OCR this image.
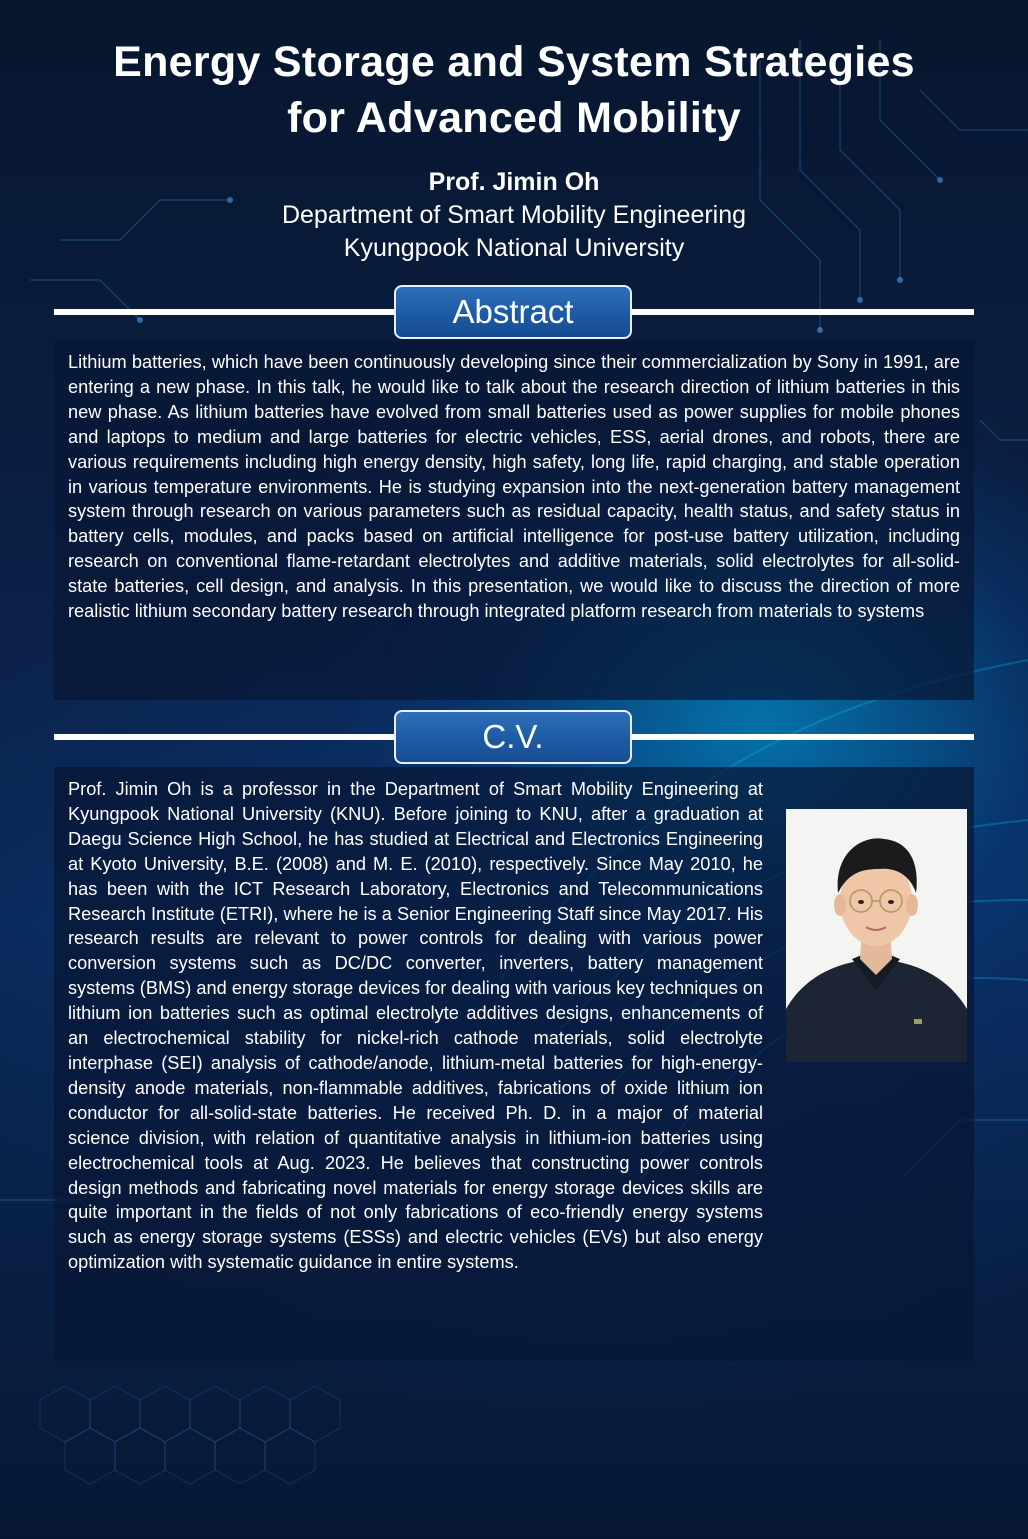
Energy Storage and System Strategies
for Advanced Mobility
Prof. Jimin Oh
Department of Smart Mobility Engineering
Kyungpook National University
Abstract

Lithium batteries, which have been continuously developing since their commercialization by Sony in 1991, are entering a new phase. In this talk, he would like to talk about the research direction of lithium batteries in this new phase. As lithium batteries have evolved from small batteries used as power supplies for mobile phones and laptops to medium and large batteries for electric vehicles, ESS, aerial drones, and robots, there are various requirements including high energy density, high safety, long life, rapid charging, and stable operation in various temperature environments. He is studying expansion into the next-generation battery management system through research on various parameters such as residual capacity, health status, and safety status in battery cells, modules, and packs based on artificial intelligence for post-use battery utilization, including research on conventional flame-retardant electrolytes and additive materials, solid electrolytes for all-solid-state batteries, cell design, and analysis. In this presentation, we would like to discuss the direction of more realistic lithium secondary battery research through integrated platform research from materials to systems

C.V.

Prof. Jimin Oh is a professor in the Department of Smart Mobility Engineering at Kyungpook National University (KNU). Before joining to KNU, after a graduation at Daegu Science High School, he has studied at Electrical and Electronics Engineering at Kyoto University, B.E. (2008) and M. E. (2010), respectively. Since May 2010, he has been with the ICT Research Laboratory, Electronics and Telecommunications Research Institute (ETRI), where he is a Senior Engineering Staff since May 2017. His research results are relevant to power controls for dealing with various power conversion systems such as DC/DC converter, inverters, battery management systems (BMS) and energy storage devices for dealing with various key techniques on lithium ion batteries such as optimal electrolyte additives designs, enhancements of an electrochemical stability for nickel-rich cathode materials, solid electrolyte interphase (SEI) analysis of cathode/anode, lithium-metal batteries for high-energy-density anode materials, non-flammable additives, fabrications of oxide lithium ion conductor for all-solid-state batteries. He received Ph. D. in a major of material science division, with relation of quantitative analysis in lithium-ion batteries using electrochemical tools at Aug. 2023. He believes that constructing power controls design methods and fabricating novel materials for energy storage devices skills are quite important in the fields of not only fabrications of eco-friendly energy systems such as energy storage systems (ESSs) and electric vehicles (EVs) but also energy optimization with systematic guidance in entire systems.
